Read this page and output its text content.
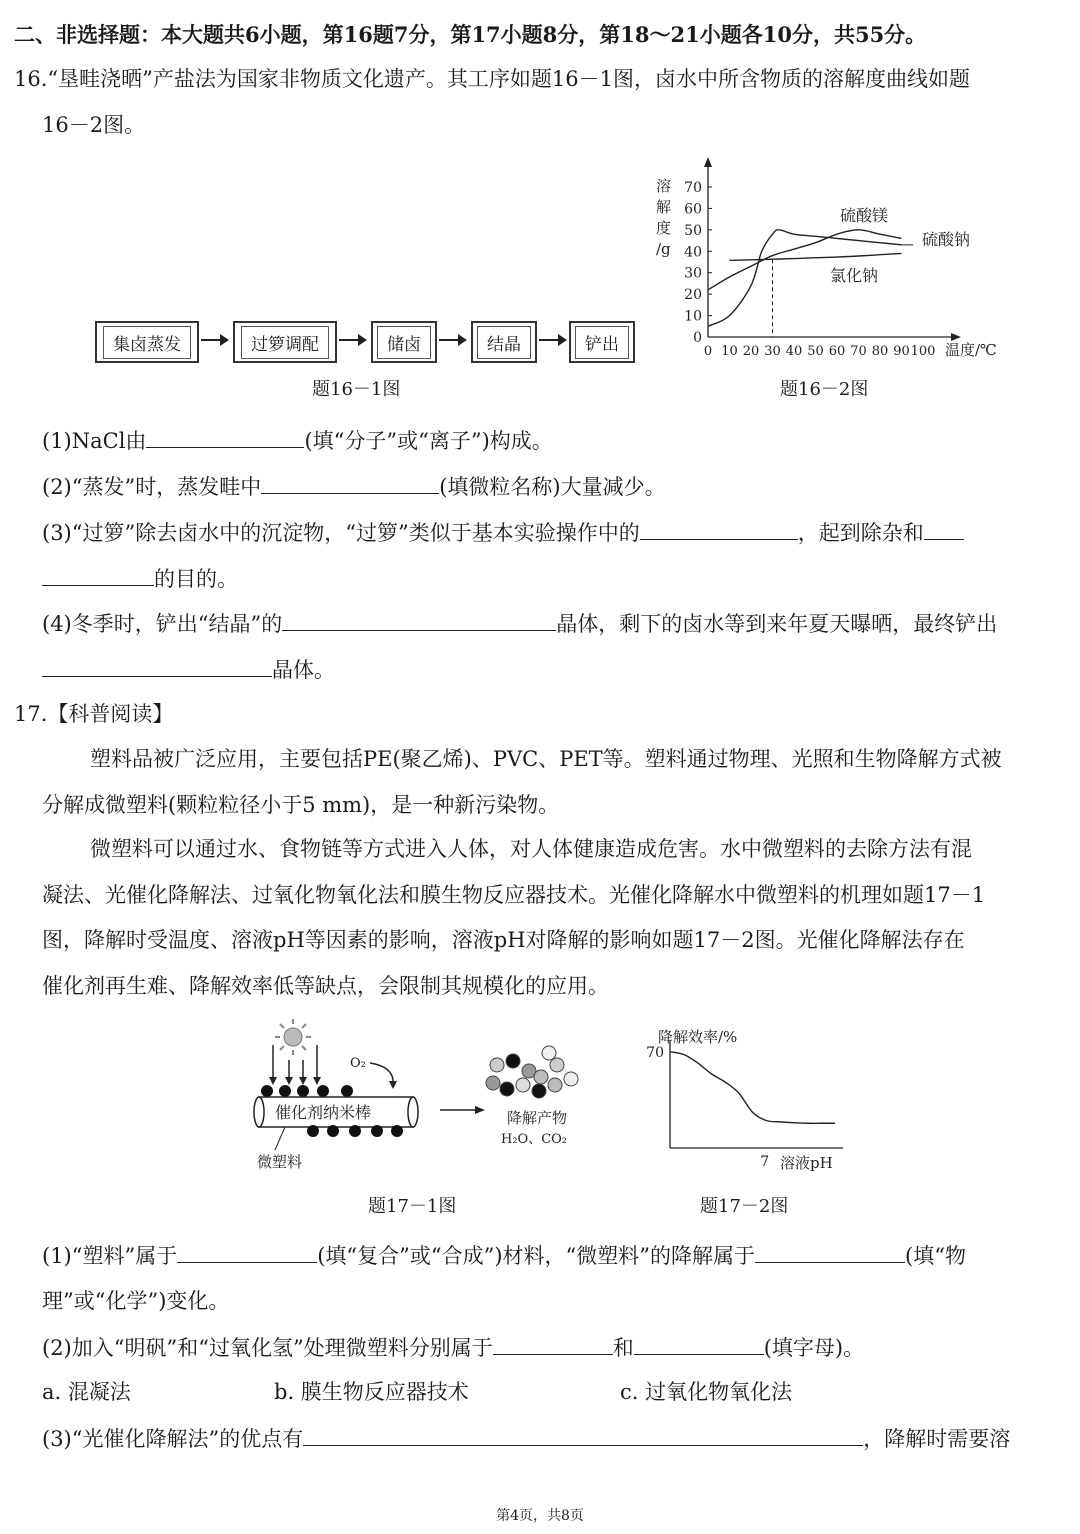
二、非选择题：本大题共6小题，第16题7分，第17小题8分，第18～21小题各10分，共55分。
16.“垦畦浇晒”产盐法为国家非物质文化遗产。其工序如题16－1图，卤水中所含物质的溶解度曲线如题
16－2图。
集卤蒸发	过箩调配	储卤	结晶	铲出
题16－1图
0
10
20
30
40
50
60
70
0 10 20 30 40 50 60 70 80 90 100
溶
解
度
/g
温度/℃
硫酸镁
硫酸钠
氯化钠
题16－2图
(1)NaCl由	(填“分子”或“离子”)构成。
(2)“蒸发”时，蒸发畦中	(填微粒名称)大量减少。
(3)“过箩”除去卤水中的沉淀物，“过箩”类似于基本实验操作中的	，起到除杂和
的目的。
(4)冬季时，铲出“结晶”的	晶体，剩下的卤水等到来年夏天曝晒，最终铲出
晶体。
17.【科普阅读】
塑料品被广泛应用，主要包括PE(聚乙烯)、PVC、PET等。塑料通过物理、光照和生物降解方式被
分解成微塑料(颗粒粒径小于5 mm)，是一种新污染物。
微塑料可以通过水、食物链等方式进入人体，对人体健康造成危害。水中微塑料的去除方法有混
凝法、光催化降解法、过氧化物氧化法和膜生物反应器技术。光催化降解水中微塑料的机理如题17－1
图，降解时受温度、溶液pH等因素的影响，溶液pH对降解的影响如题17－2图。光催化降解法存在
催化剂再生难、降解效率低等缺点，会限制其规模化的应用。
O₂
催化剂纳米棒
微塑料
降解产物
H₂O、CO₂
题17－1图
降解效率/%
70
7 溶液pH
题17－2图
(1)“塑料”属于	(填“复合”或“合成”)材料，“微塑料”的降解属于	(填“物
理”或“化学”)变化。
(2)加入“明矾”和“过氧化氢”处理微塑料分别属于	和	(填字母)。
a. 混凝法	b. 膜生物反应器技术	c. 过氧化物氧化法
(3)“光催化降解法”的优点有	，降解时需要溶
第4页，共8页
